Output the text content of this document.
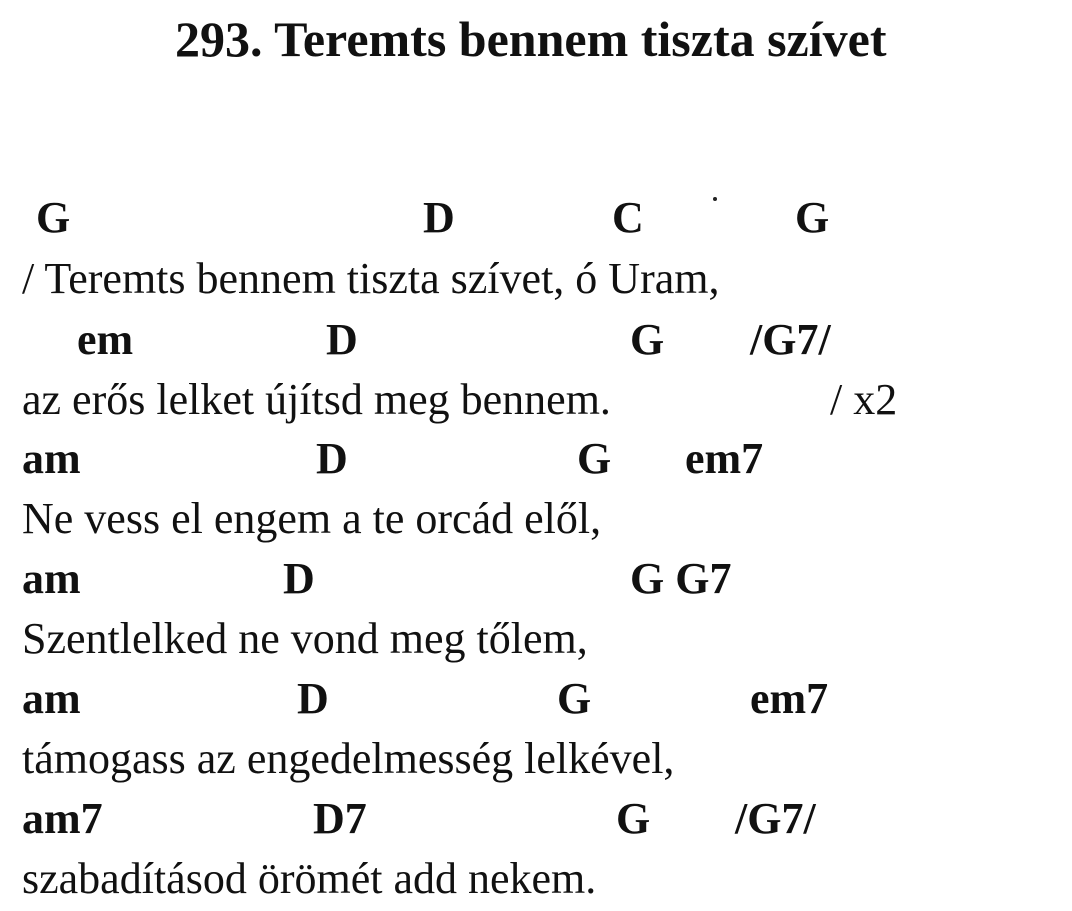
293. Teremts bennem tiszta szívet
G	D	C	G
/ Teremts bennem tiszta szívet, ó Uram,
em	D	G /G7/
az erős lelket újítsd meg bennem.	/ x2
am	D	G em7
Ne vess el engem a te orcád elől,
am	D	G G7
Szentlelked ne vond meg tőlem,
am	D	G	em7
támogass az engedelmesség lelkével,
am7	D7	G /G7/
szabadításod örömét add nekem.
